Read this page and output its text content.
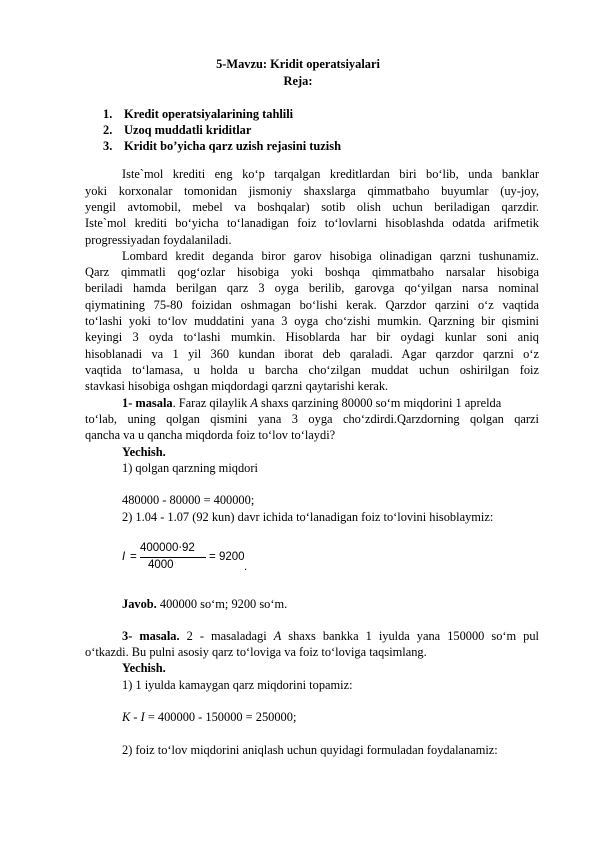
5-Mavzu: Kridit operatsiyalari
Reja:
1. Kredit operatsiyalarining tahlili
2. Uzoq muddatli kriditlar
3. Kridit bo’yicha qarz uzish rejasini tuzish
Iste`mol krediti eng ko‘p tarqalgan kreditlardan biri bo‘lib, unda banklar
yoki korxonalar tomonidan jismoniy shaxslarga qimmatbaho buyumlar (uy-joy,
yengil avtomobil, mebel va boshqalar) sotib olish uchun beriladigan qarzdir.
Iste`mol krediti bo‘yicha to‘lanadigan foiz to‘lovlarni hisoblashda odatda arifmetik
progressiyadan foydalaniladi.
Lombard kredit deganda biror garov hisobiga olinadigan qarzni tushunamiz.
Qarz qimmatli qog‘ozlar hisobiga yoki boshqa qimmatbaho narsalar hisobiga
beriladi hamda berilgan qarz 3 oyga berilib, garovga qo‘yilgan narsa nominal
qiymatining 75-80 foizidan oshmagan bo‘lishi kerak. Qarzdor qarzini o‘z vaqtida
to‘lashi yoki to‘lov muddatini yana 3 oyga cho‘zishi mumkin. Qarzning bir qismini
keyingi 3 oyda to‘lashi mumkin. Hisoblarda har bir oydagi kunlar soni aniq
hisoblanadi va 1 yil 360 kundan iborat deb qaraladi. Agar qarzdor qarzni o‘z
vaqtida to‘lamasa, u holda u barcha cho‘zilgan muddat uchun oshirilgan foiz
stavkasi hisobiga oshgan miqdordagi qarzni qaytarishi kerak.
1- masala. Faraz qilaylik A shaxs qarzining 80000 so‘m miqdorini 1 aprelda
to‘lab, uning qolgan qismini yana 3 oyga cho‘zdirdi.Qarzdorning qolgan qarzi
qancha va u qancha miqdorda foiz to‘lov to‘laydi?
Yechish.
1) qolgan qarzning miqdori
480000 - 80000 = 400000;
2) 1.04 - 1.07 (92 kun) davr ichida to‘lanadigan foiz to‘lovini hisoblaymiz:
I =
400000⋅92
4000
= 9200
.
Javob. 400000 so‘m; 9200 so‘m.
3- masala. 2 - masaladagi A shaxs bankka 1 iyulda yana 150000 so‘m pul
o‘tkazdi. Bu pulni asosiy qarz to‘loviga va foiz to‘loviga taqsimlang.
Yechish.
1) 1 iyulda kamaygan qarz miqdorini topamiz:
K - I = 400000 - 150000 = 250000;
2) foiz to‘lov miqdorini aniqlash uchun quyidagi formuladan foydalanamiz:
